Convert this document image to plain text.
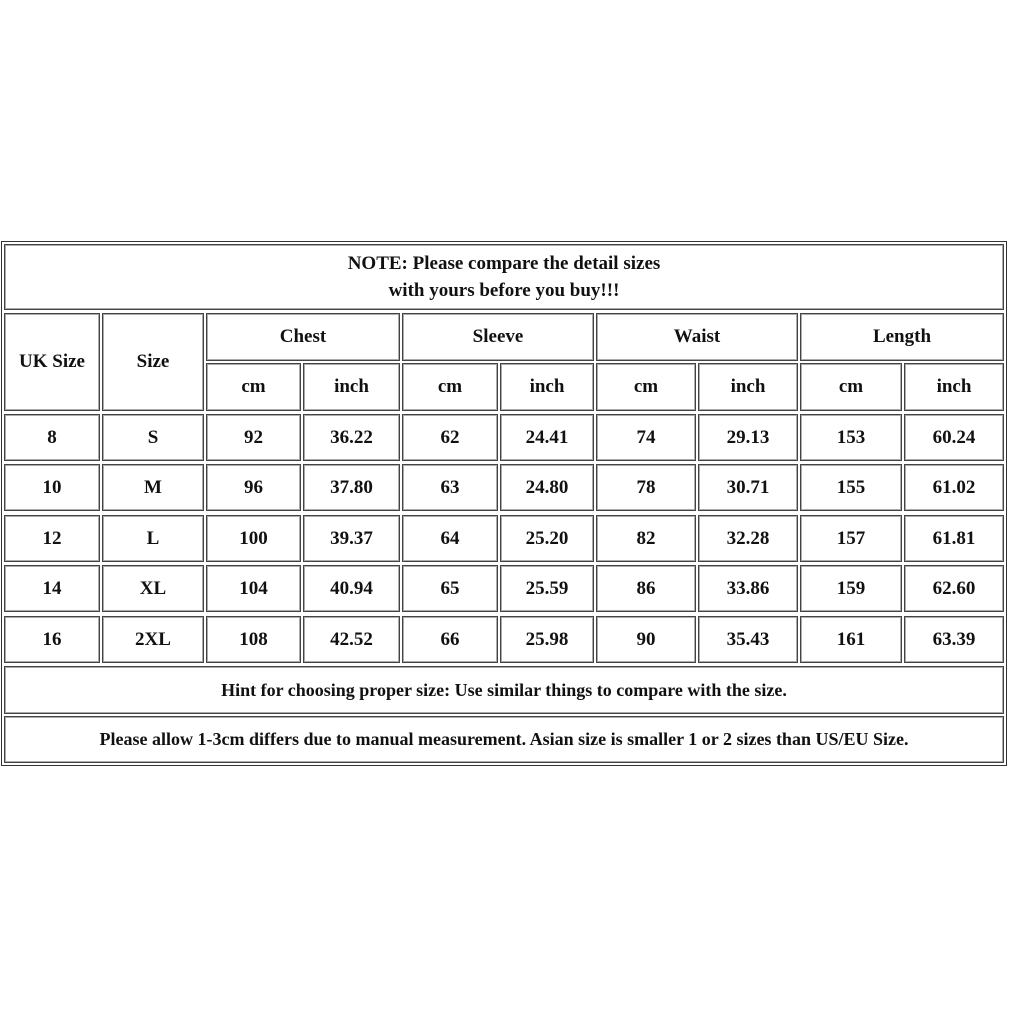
NOTE: Please compare the detail sizes
with yours before you buy!!!
UK Size	Size
Chest	Sleeve	Waist	Length
cm	inch	cm	inch	cm	inch	cm	inch
8	S	92	36.22	62	24.41	74	29.13	153	60.24
10	M	96	37.80	63	24.80	78	30.71	155	61.02
12	L	100	39.37	64	25.20	82	32.28	157	61.81
14	XL	104	40.94	65	25.59	86	33.86	159	62.60
16	2XL	108	42.52	66	25.98	90	35.43	161	63.39
Hint for choosing proper size: Use similar things to compare with the size.
Please allow 1-3cm differs due to manual measurement. Asian size is smaller 1 or 2 sizes than US/EU Size.
